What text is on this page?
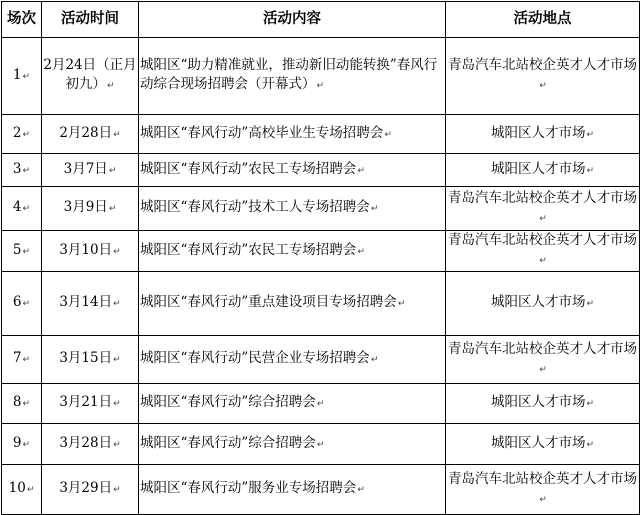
场次	活动时间	活动内容	活动地点
1↵	2月24日（正月初九）↵	城阳区“助力精准就业，推动新旧动能转换”春风行动综合现场招聘会（开幕式）↵	青岛汽车北站校企英才人才市场↵
2↵	2月28日↵	城阳区“春风行动”高校毕业生专场招聘会↵	城阳区人才市场↵
3↵	3月7日↵	城阳区“春风行动”农民工专场招聘会↵	城阳区人才市场↵
4↵	3月9日↵	城阳区“春风行动”技术工人专场招聘会↵	青岛汽车北站校企英才人才市场↵
5↵	3月10日↵	城阳区“春风行动”农民工专场招聘会↵	青岛汽车北站校企英才人才市场↵
6↵	3月14日↵	城阳区“春风行动”重点建设项目专场招聘会↵	城阳区人才市场↵
7↵	3月15日↵	城阳区“春风行动”民营企业专场招聘会↵	青岛汽车北站校企英才人才市场↵
8↵	3月21日↵	城阳区“春风行动”综合招聘会↵	城阳区人才市场↵
9↵	3月28日↵	城阳区“春风行动”综合招聘会↵	城阳区人才市场↵
10↵	3月29日↵	城阳区“春风行动”服务业专场招聘会↵	青岛汽车北站校企英才人才市场↵
